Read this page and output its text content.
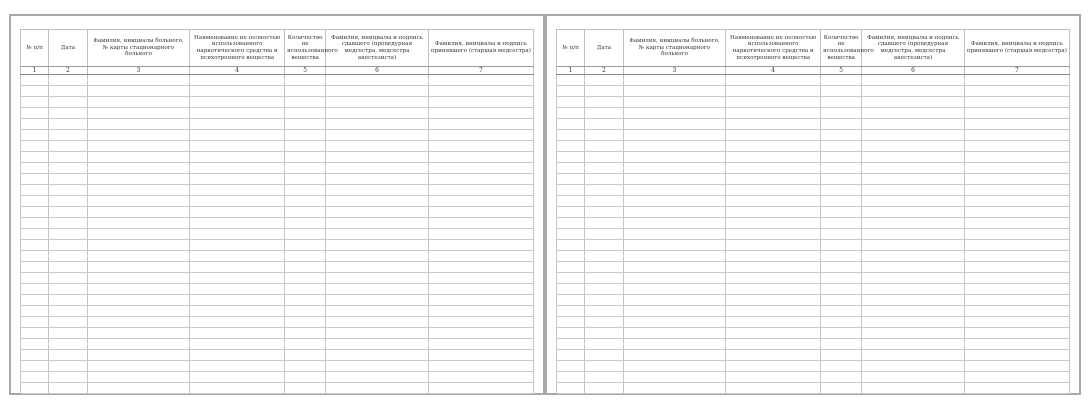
№ п/п	Дата	Фамилия, инициалы больного, № карты стационарного больного	Наименование не полностью использованного наркотического средства и психотропного вещества	Количество не использованного вещества	Фамилия, инициалы и подпись сдавшего (процедурная медсестра, медсестра анестезиста)	Фамилия, инициалы и подпись принявшего (старшая медсестра)
1	2	3	4	5	6	7

№ п/п	Дата	Фамилия, инициалы больного, № карты стационарного больного	Наименование не полностью использованного наркотического средства и психотропного вещества	Количество не использованного вещества	Фамилия, инициалы и подпись сдавшего (процедурная медсестра, медсестра анестезиста)	Фамилия, инициалы и подпись принявшего (старшая медсестра)
1	2	3	4	5	6	7
